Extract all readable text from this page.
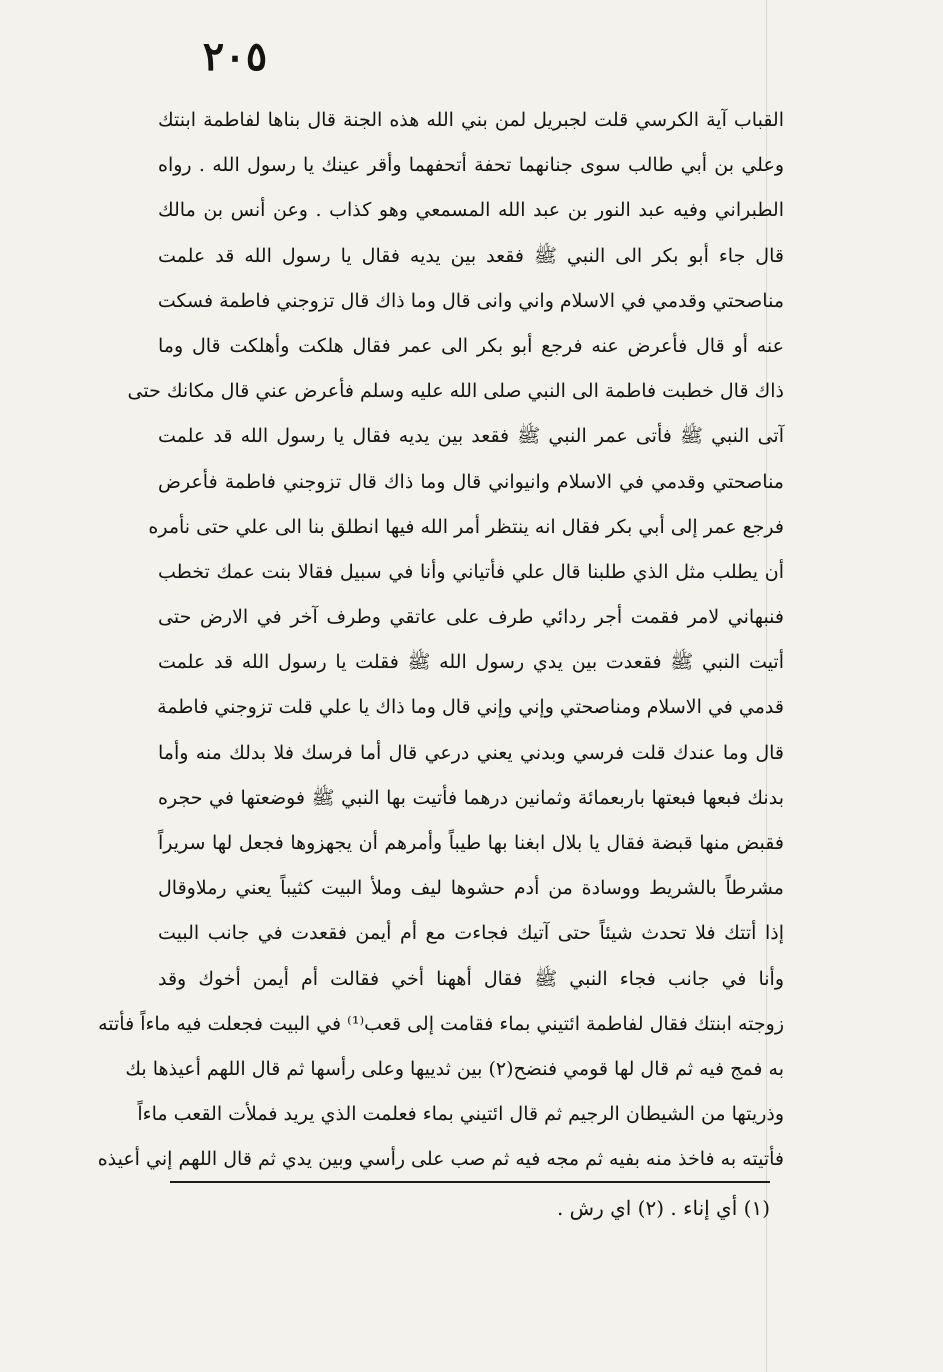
٢٠٥
القباب آية الكرسي قلت لجبريل لمن بني الله هذه الجنة قال بناها لفاطمة ابنتك
وعلي بن أبي طالب سوى جنانهما تحفة أتحفهما وأقر عينك يا رسول الله . رواه
الطبراني وفيه عبد النور بن عبد الله المسمعي وهو كذاب . وعن أنس بن مالك
قال جاء أبو بكر الى النبي ﷺ فقعد بين يديه فقال يا رسول الله قد علمت
مناصحتي وقدمي في الاسلام واني وانى قال وما ذاك قال تزوجني فاطمة فسكت
عنه أو قال فأعرض عنه فرجع أبو بكر الى عمر فقال هلكت وأهلكت قال وما
ذاك قال خطبت فاطمة الى النبي صلى الله عليه وسلم فأعرض عني قال مكانك حتى
آتى النبي ﷺ فأتى عمر النبي ﷺ فقعد بين يديه فقال يا رسول الله قد علمت
مناصحتي وقدمي في الاسلام وانيواني قال وما ذاك قال تزوجني فاطمة فأعرض
فرجع عمر إلى أبي بكر فقال انه ينتظر أمر الله فيها انطلق بنا الى علي حتى نأمره
أن يطلب مثل الذي طلبنا قال علي فأتياني وأنا في سبيل فقالا بنت عمك تخطب
فنبهاني لامر فقمت أجر ردائي طرف على عاتقي وطرف آخر في الارض حتى
أتيت النبي ﷺ فقعدت بين يدي رسول الله ﷺ فقلت يا رسول الله قد علمت
قدمي في الاسلام ومناصحتي وإني وإني قال وما ذاك يا علي قلت تزوجني فاطمة
قال وما عندك قلت فرسي وبدني يعني درعي قال أما فرسك فلا بدلك منه وأما
بدنك فبعها فبعتها باربعمائة وثمانين درهما فأتيت بها النبي ﷺ فوضعتها في حجره
فقبض منها قبضة فقال يا بلال ابغنا بها طيباً وأمرهم أن يجهزوها فجعل لها سريراً
مشرطاً بالشريط ووسادة من أدم حشوها ليف وملأ البيت كثيباً يعني رملاوقال
إذا أتتك فلا تحدث شيئاً حتى آتيك فجاءت مع أم أيمن فقعدت في جانب البيت
وأنا في جانب فجاء النبي ﷺ فقال أههنا أخي فقالت أم أيمن أخوك وقد
زوجته ابنتك فقال لفاطمة ائتيني بماء فقامت إلى قعب⁽¹⁾ في البيت فجعلت فيه ماءاً فأتته
به فمج فيه ثم قال لها قومي فنضح(٢) بين ثدييها وعلى رأسها ثم قال اللهم أعيذها بك
وذريتها من الشيطان الرجيم ثم قال ائتيني بماء فعلمت الذي يريد فملأت القعب ماءاً
فأتيته به فاخذ منه بفيه ثم مجه فيه ثم صب على رأسي وبين يدي ثم قال اللهم إني أعيذه
(١) أي إناء . (٢) اي رش .
